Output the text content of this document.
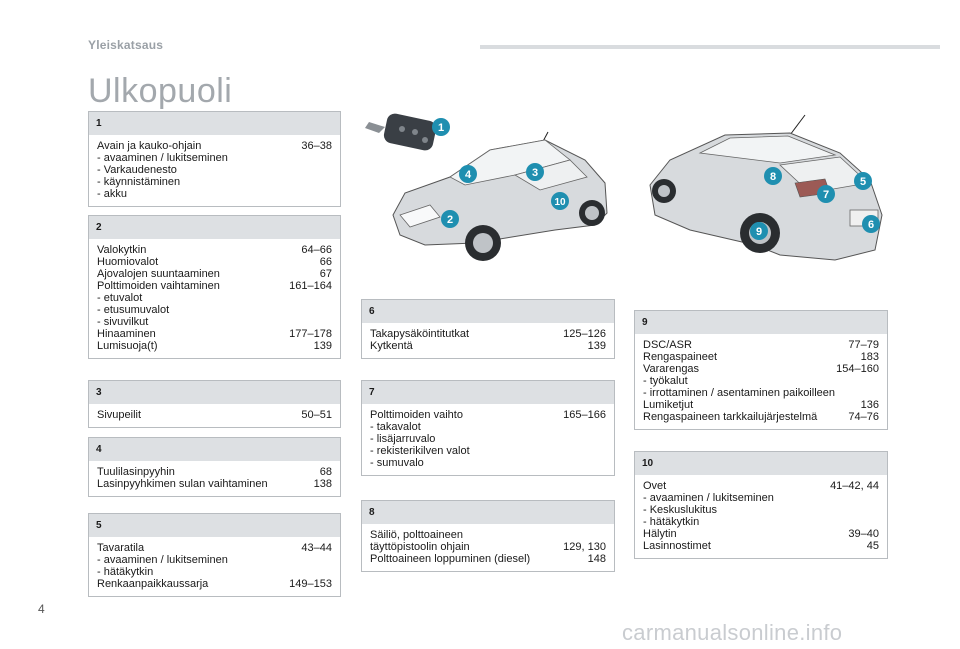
Yleiskatsaus
Ulkopuoli
1
Avain ja kauko-ohjain	36–38
- avaaminen / lukitseminen
- Varkaudenesto
- käynnistäminen
- akku
2
Valokytkin	64–66
Huomiovalot	66
Ajovalojen suuntaaminen	67
Polttimoiden vaihtaminen	161–164
- etuvalot
- etusumuvalot
- sivuvilkut
Hinaaminen	177–178
Lumisuoja(t)	139
3
Sivupeilit	50–51
4
Tuulilasinpyyhin	68
Lasinpyyhkimen sulan vaihtaminen	138
5
Tavaratila	43–44
- avaaminen / lukitseminen
- hätäkytkin
Renkaanpaikkaussarja	149–153
6
Takapysäköintitutkat	125–126
Kytkentä	139
7
Polttimoiden vaihto	165–166
- takavalot
- lisäjarruvalo
- rekisterikilven valot
- sumuvalo
8
Säiliö, polttoaineen
täyttöpistoolin ohjain	129, 130
Polttoaineen loppuminen (diesel)	148
9
DSC/ASR	77–79
Rengaspaineet	183
Vararengas	154–160
- työkalut
- irrottaminen / asentaminen paikoilleen
Lumiketjut	136
Rengaspaineen tarkkailujärjestelmä	74–76
10
Ovet	41–42, 44
- avaaminen / lukitseminen
- Keskuslukitus
- hätäkytkin
Hälytin	39–40
Lasinnostimet	45
1
2
3
4
10
5
6
7
8
9
4
carmanualsonline.info
